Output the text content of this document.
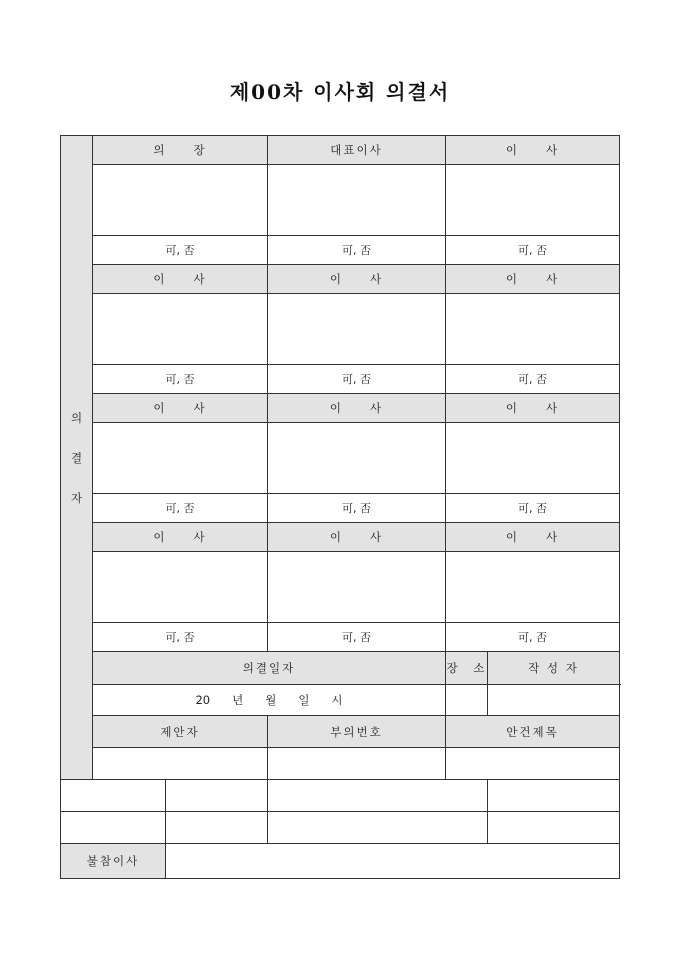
제00차 이사회 의결서
의
결
자	의　　장		대표이사	이　　사		

	可, 否		可, 否	可, 否		
	이　　사		이　　사	이　　사		

	可, 否		可, 否	可, 否		
	이　　사		이　　사	이　　사		

	可, 否		可, 否	可, 否		
	이　　사		이　　사	이　　사		

	可, 否		可, 否	可, 否		
	의결일자			장　소	작 성 자	
	20 년 월 일 시					
	제안자		부의번호	안건제목	

불참이사						
